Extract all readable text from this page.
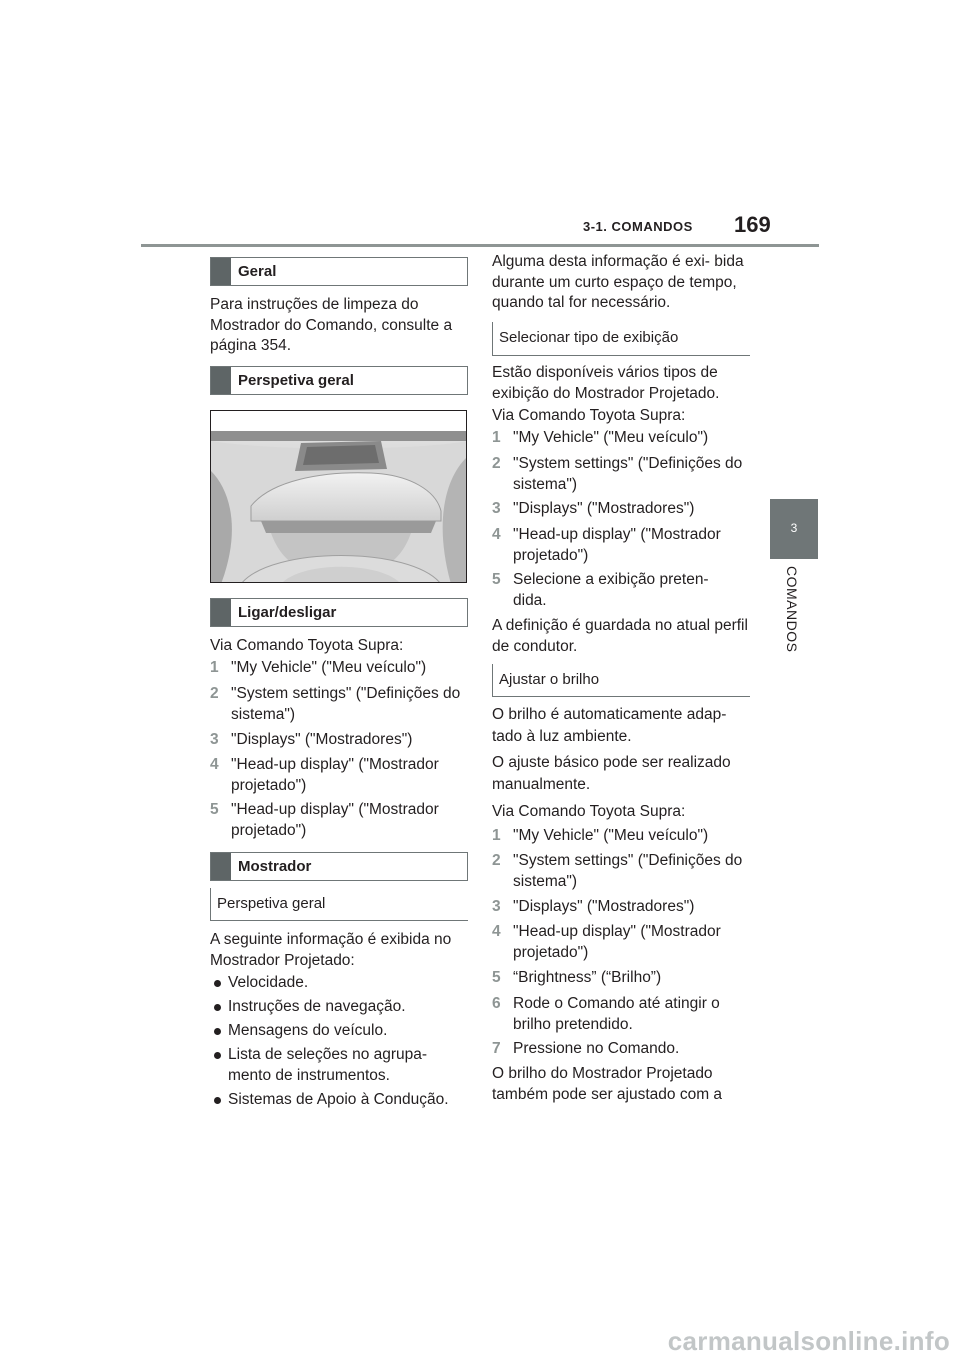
3-1. COMANDOS 169
3
COMANDOS
Geral
Para instruções de limpeza do Mostrador do Comando, consulte a página 354.
Perspetiva geral
Ligar/desligar
Via Comando Toyota Supra:
1 "My Vehicle" ("Meu veículo")
2 "System settings" ("Definições do sistema")
3 "Displays" ("Mostradores")
4 "Head-up display" ("Mostrador projetado")
5 "Head-up display" ("Mostrador projetado")
Mostrador
Perspetiva geral
A seguinte informação é exibida no Mostrador Projetado:
Velocidade.
Instruções de navegação.
Mensagens do veículo.
Lista de seleções no agrupa- mento de instrumentos.
Sistemas de Apoio à Condução.
Alguma desta informação é exi- bida durante um curto espaço de tempo, quando tal for necessário.
Selecionar tipo de exibição
Estão disponíveis vários tipos de exibição do Mostrador Projetado.
Via Comando Toyota Supra:
1 "My Vehicle" ("Meu veículo")
2 "System settings" ("Definições do sistema")
3 "Displays" ("Mostradores")
4 "Head-up display" ("Mostrador projetado")
5 Selecione a exibição preten- dida.
A definição é guardada no atual perfil de condutor.
Ajustar o brilho
O brilho é automaticamente adap- tado à luz ambiente.
O ajuste básico pode ser realizado manualmente.
Via Comando Toyota Supra:
1 "My Vehicle" ("Meu veículo")
2 "System settings" ("Definições do sistema")
3 "Displays" ("Mostradores")
4 "Head-up display" ("Mostrador projetado")
5 “Brightness” (“Brilho”)
6 Rode o Comando até atingir o brilho pretendido.
7 Pressione no Comando.
O brilho do Mostrador Projetado também pode ser ajustado com a
carmanualsonline.info
